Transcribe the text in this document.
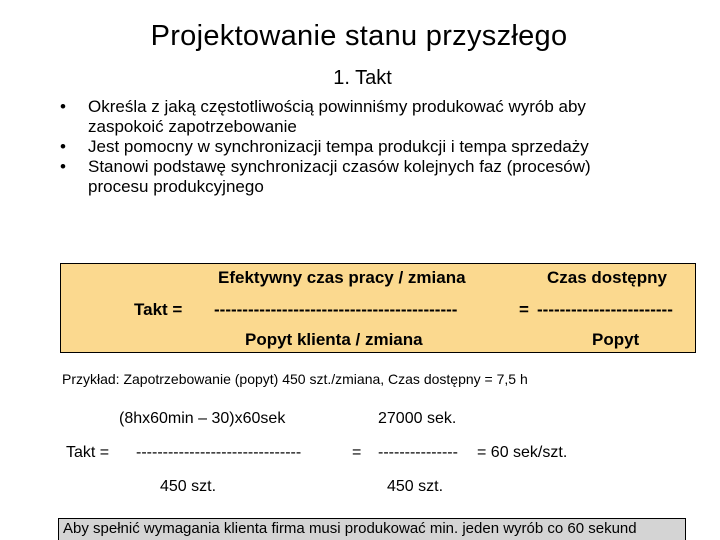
Projektowanie stanu przyszłego
1. Takt
• Określa z jaką częstotliwością powinniśmy produkować wyrób aby
zaspokoić zapotrzebowanie
• Jest pomocny w synchronizacji tempa produkcji i tempa sprzedaży
• Stanowi podstawę synchronizacji czasów kolejnych faz (procesów)
procesu produkcyjnego
Efektywny czas pracy / zmiana	Czas dostępny
Takt = -------------------------------------------	= ------------------------
Popyt klienta / zmiana	Popyt
Przykład: Zapotrzebowanie (popyt) 450 szt./zmiana, Czas dostępny = 7,5 h
(8hx60min – 30)x60sek	27000 sek.
Takt = -------------------------------	= --------------- = 60 sek/szt.
450 szt.	450 szt.
Aby spełnić wymagania klienta firma musi produkować min. jeden wyrób co 60 sekund
